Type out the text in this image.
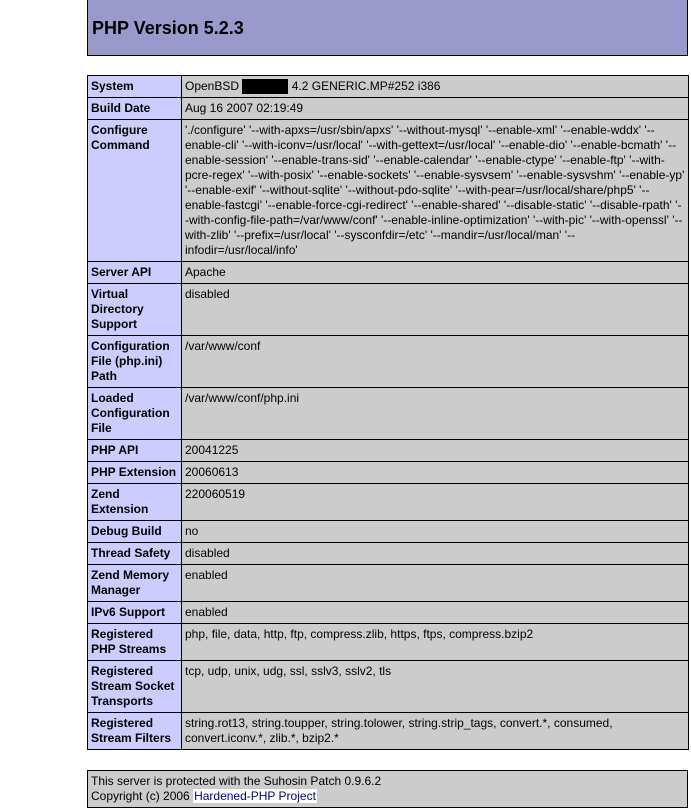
PHP Version 5.2.3
System	OpenBSD 4.2 GENERIC.MP#252 i386
Build Date	Aug 16 2007 02:19:49
Configure Command	'./configure' '--with-apxs=/usr/sbin/apxs' '--without-mysql' '--enable-xml' '--enable-wddx' '--enable-cli' '--with-iconv=/usr/local' '--with-gettext=/usr/local' '--enable-dio' '--enable-bcmath' '--enable-session' '--enable-trans-sid' '--enable-calendar' '--enable-ctype' '--enable-ftp' '--with-pcre-regex' '--with-posix' '--enable-sockets' '--enable-sysvsem' '--enable-sysvshm' '--enable-yp' '--enable-exif' '--without-sqlite' '--without-pdo-sqlite' '--with-pear=/usr/local/share/php5' '--enable-fastcgi' '--enable-force-cgi-redirect' '--enable-shared' '--disable-static' '--disable-rpath' '--with-config-file-path=/var/www/conf' '--enable-inline-optimization' '--with-pic' '--with-openssl' '--with-zlib' '--prefix=/usr/local' '--sysconfdir=/etc' '--mandir=/usr/local/man' '--infodir=/usr/local/info'
Server API	Apache
Virtual Directory Support	disabled
Configuration File (php.ini) Path	/var/www/conf
Loaded Configuration File	/var/www/conf/php.ini
PHP API	20041225
PHP Extension	20060613
Zend Extension	220060519
Debug Build	no
Thread Safety	disabled
Zend Memory Manager	enabled
IPv6 Support	enabled
Registered PHP Streams	php, file, data, http, ftp, compress.zlib, https, ftps, compress.bzip2
Registered Stream Socket Transports	tcp, udp, unix, udg, ssl, sslv3, sslv2, tls
Registered Stream Filters	string.rot13, string.toupper, string.tolower, string.strip_tags, convert.*, consumed, convert.iconv.*, zlib.*, bzip2.*
This server is protected with the Suhosin Patch 0.9.6.2
Copyright (c) 2006 Hardened-PHP Project
